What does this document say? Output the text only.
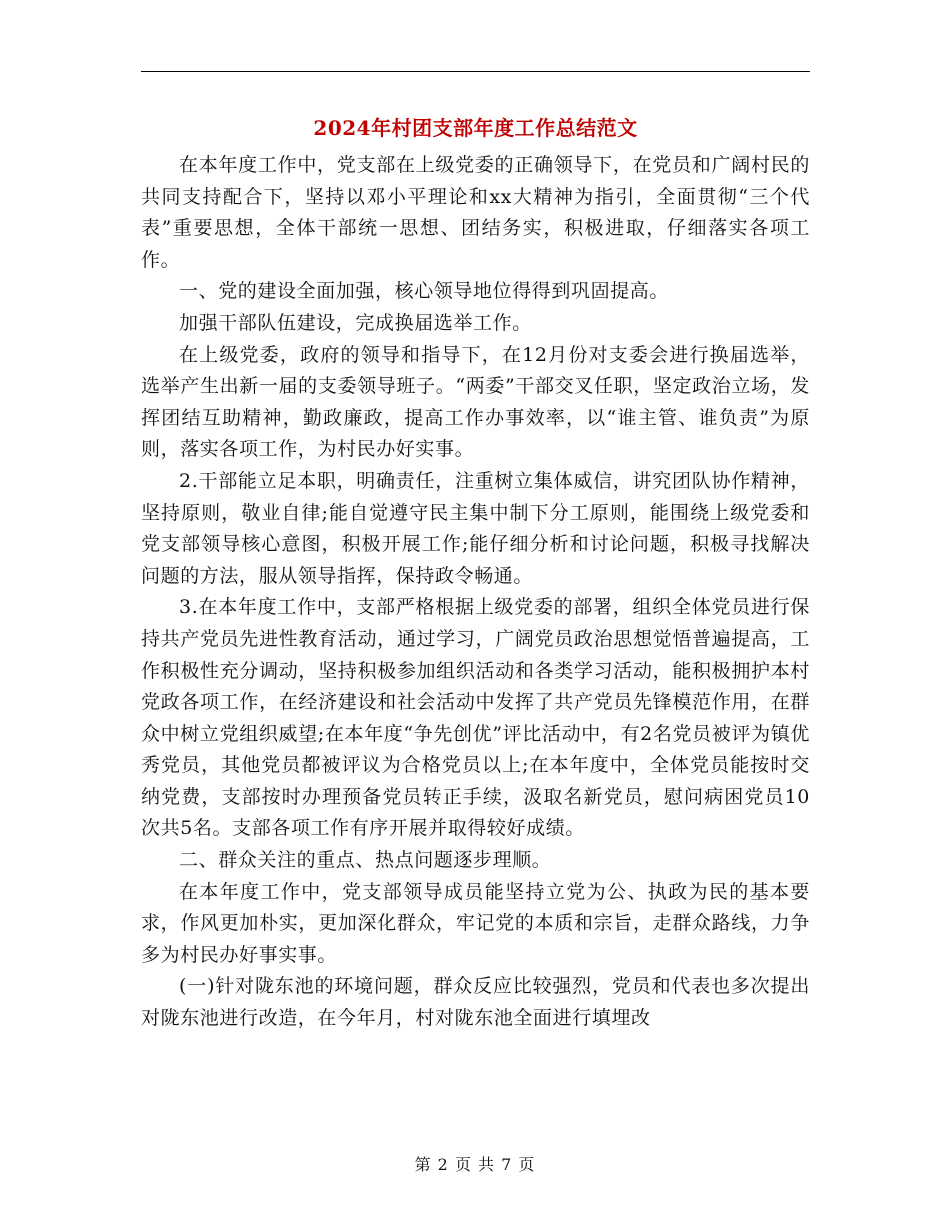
2024年村团支部年度工作总结范文

在本年度工作中，党支部在上级党委的正确领导下，在党员和广阔村民的共同支持配合下，坚持以邓小平理论和xx大精神为指引，全面贯彻“三个代表”重要思想，全体干部统一思想、团结务实，积极进取，仔细落实各项工作。

一、党的建设全面加强，核心领导地位得得到巩固提高。

加强干部队伍建设，完成换届选举工作。

在上级党委，政府的领导和指导下，在12月份对支委会进行换届选举，选举产生出新一届的支委领导班子。“两委”干部交叉任职，坚定政治立场，发挥团结互助精神，勤政廉政，提高工作办事效率，以“谁主管、谁负责”为原则，落实各项工作，为村民办好实事。

2.干部能立足本职，明确责任，注重树立集体威信，讲究团队协作精神，坚持原则，敬业自律;能自觉遵守民主集中制下分工原则，能围绕上级党委和党支部领导核心意图，积极开展工作;能仔细分析和讨论问题，积极寻找解决问题的方法，服从领导指挥，保持政令畅通。

3.在本年度工作中，支部严格根据上级党委的部署，组织全体党员进行保持共产党员先进性教育活动，通过学习，广阔党员政治思想觉悟普遍提高，工作积极性充分调动，坚持积极参加组织活动和各类学习活动，能积极拥护本村党政各项工作，在经济建设和社会活动中发挥了共产党员先锋模范作用，在群众中树立党组织威望;在本年度“争先创优”评比活动中，有2名党员被评为镇优秀党员，其他党员都被评议为合格党员以上;在本年度中，全体党员能按时交纳党费，支部按时办理预备党员转正手续，汲取名新党员，慰问病困党员10次共5名。支部各项工作有序开展并取得较好成绩。

二、群众关注的重点、热点问题逐步理顺。

在本年度工作中，党支部领导成员能坚持立党为公、执政为民的基本要求，作风更加朴实，更加深化群众，牢记党的本质和宗旨，走群众路线，力争多为村民办好事实事。

(一)针对陇东池的环境问题，群众反应比较强烈，党员和代表也多次提出对陇东池进行改造，在今年月，村对陇东池全面进行填埋改

第 2 页 共 7 页
